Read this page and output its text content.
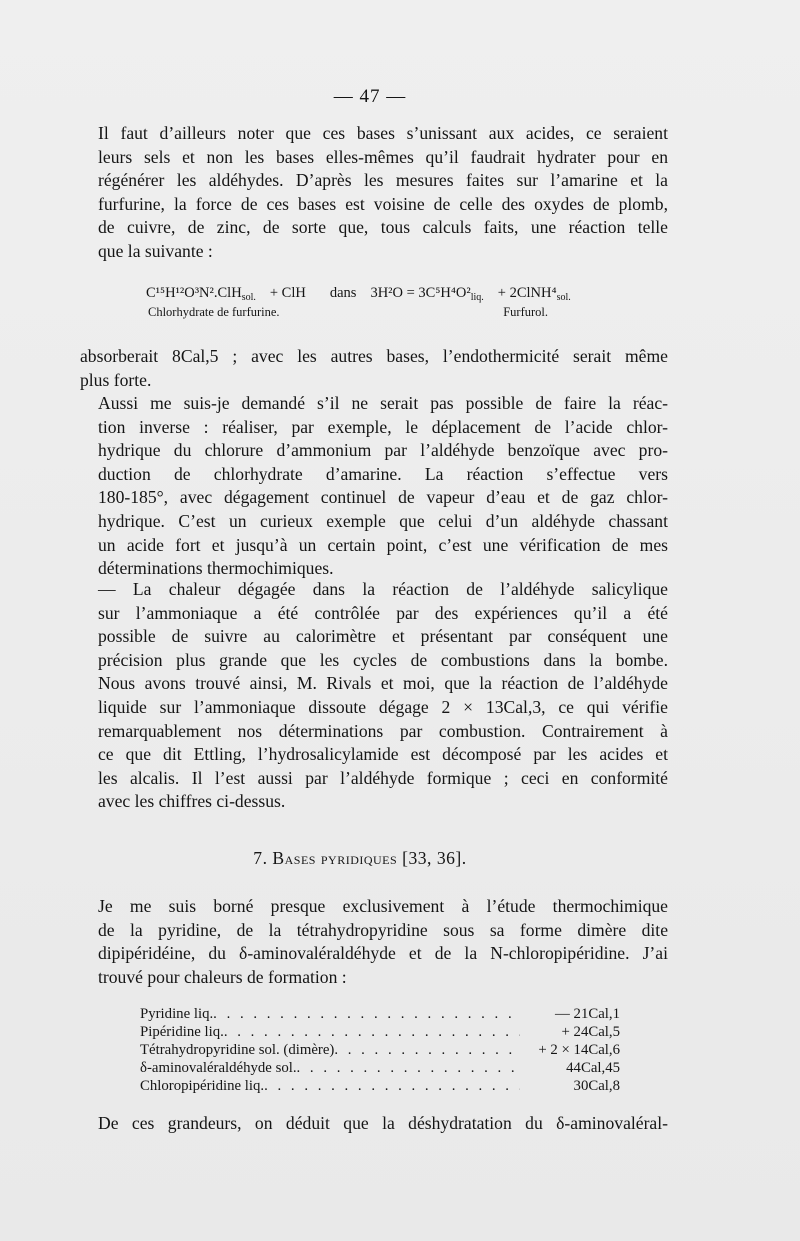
— 47 —

Il faut d’ailleurs noter que ces bases s’unissant aux acides, ce seraient
leurs sels et non les bases elles-mêmes qu’il faudrait hydrater pour en
régénérer les aldéhydes. D’après les mesures faites sur l’amarine et la
furfurine, la force de ces bases est voisine de celle des oxydes de plomb,
de cuivre, de zinc, de sorte que, tous calculs faits, une réaction telle
que la suivante :

C¹⁵H¹²O³N².ClH$_{sol.}$ + ClH dans $3H^2O = 3C^5H^4O^2_{liq.}$ + $2ClNH^4_{sol.}$
Chlorhydrate de furfurine.	Furfurol.

absorberait 8Cal,5 ; avec les autres bases, l’endothermicité serait même
plus forte.

Aussi me suis-je demandé s’il ne serait pas possible de faire la réac-
tion inverse : réaliser, par exemple, le déplacement de l’acide chlor-
hydrique du chlorure d’ammonium par l’aldéhyde benzoïque avec pro-
duction de chlorhydrate d’amarine. La réaction s’effectue vers
180-185°, avec dégagement continuel de vapeur d’eau et de gaz chlor-
hydrique. C’est un curieux exemple que celui d’un aldéhyde chassant
un acide fort et jusqu’à un certain point, c’est une vérification de mes
déterminations thermochimiques.

— La chaleur dégagée dans la réaction de l’aldéhyde salicylique
sur l’ammoniaque a été contrôlée par des expériences qu’il a été
possible de suivre au calorimètre et présentant par conséquent une
précision plus grande que les cycles de combustions dans la bombe.
Nous avons trouvé ainsi, M. Rivals et moi, que la réaction de l’aldéhyde
liquide sur l’ammoniaque dissoute dégage 2 × 13Cal,3, ce qui vérifie
remarquablement nos déterminations par combustion. Contrairement à
ce que dit Ettling, l’hydrosalicylamide est décomposé par les acides et
les alcalis. Il l’est aussi par l’aldéhyde formique ; ceci en conformité
avec les chiffres ci-dessus.

7. Bases pyridiques [33, 36].

Je me suis borné presque exclusivement à l’étude thermochimique
de la pyridine, de la tétrahydropyridine sous sa forme dimère dite
dipipéridéine, du δ-aminovaléraldéhyde et de la N-chloropipéridine. J’ai
trouvé pour chaleurs de formation :

Pyridine liq. . . .	— 21Cal,1
Pipéridine liq. . . .	+ 24Cal,5
Tétrahydropyridine sol. (dimère) . . .	+ 2 × 14Cal,6
δ-aminovaléraldéhyde sol. . . .	44Cal,45
Chloropipéridine liq. . . .	30Cal,8

De ces grandeurs, on déduit que la déshydratation du δ-aminovaléral-
